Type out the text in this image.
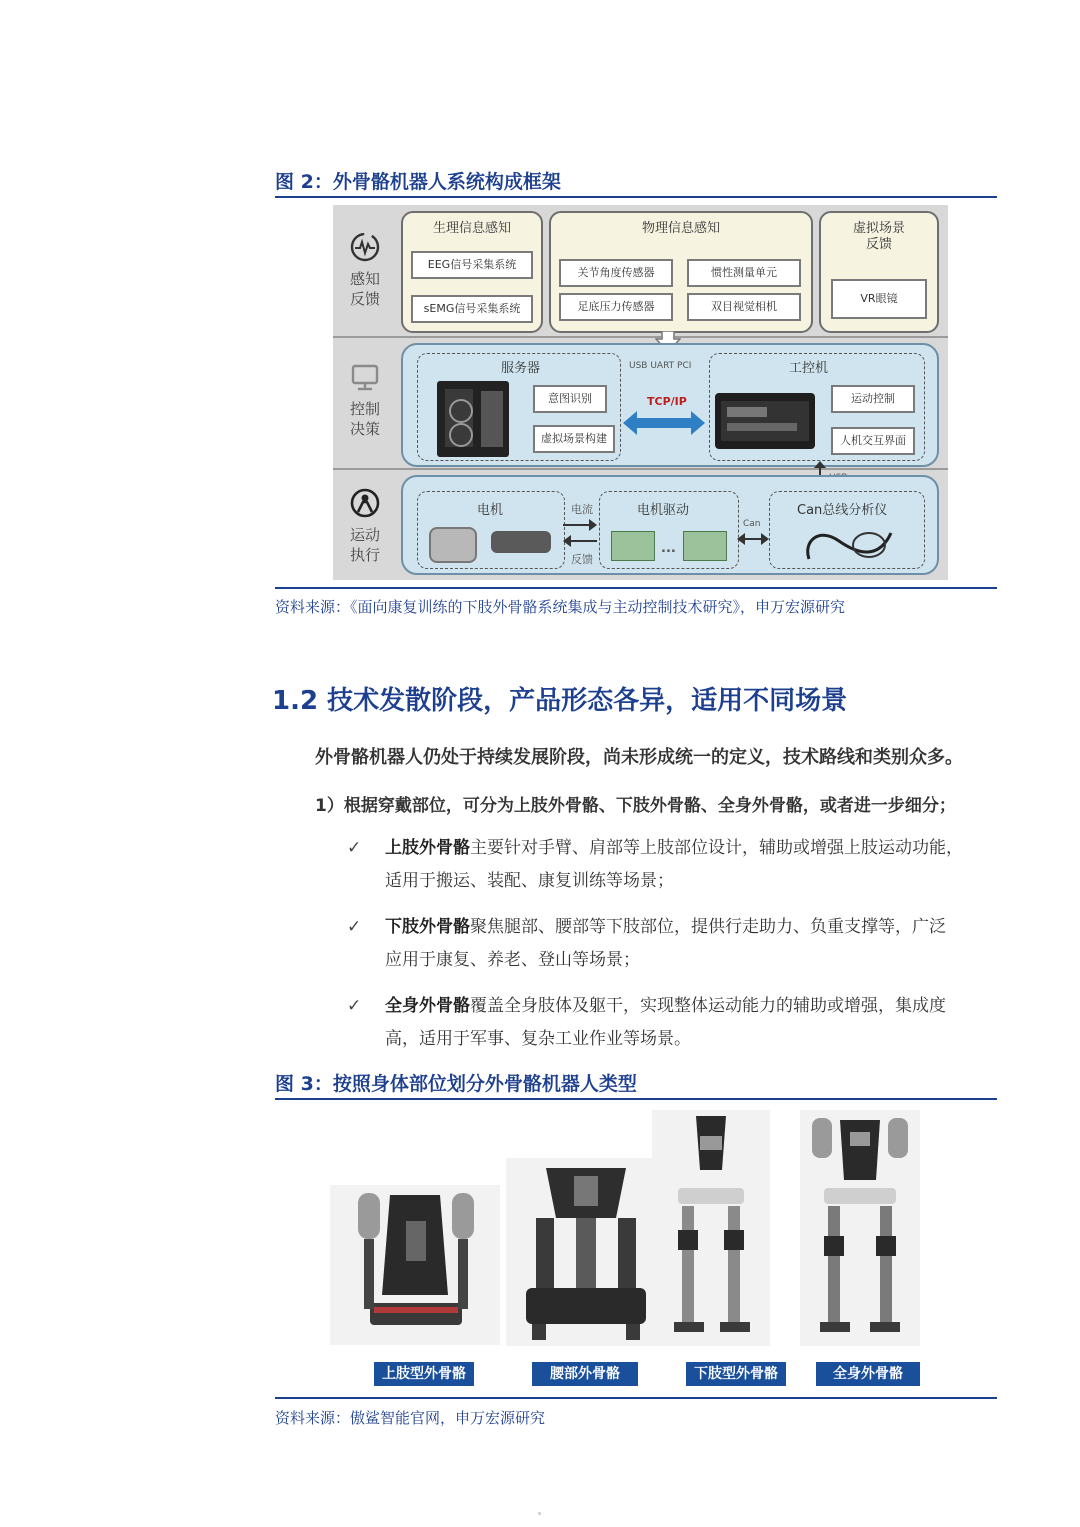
图 2：外骨骼机器人系统构成框架
感知
反馈
生理信息感知
EEG信号采集系统
sEMG信号采集系统
物理信息感知
关节角度传感器	惯性测量单元
足底压力传感器	双目视觉相机
虚拟场景
反馈
VR眼镜
控制
决策
服务器
意图识别
虚拟场景构建
USB UART PCI
TCP/IP
工控机
运动控制
人机交互界面
运动
执行
电机	电流
反馈
电机驱动
...
Can
Can总线分析仪
资料来源：《面向康复训练的下肢外骨骼系统集成与主动控制技术研究》，申万宏源研究
1.2 技术发散阶段，产品形态各异，适用不同场景
外骨骼机器人仍处于持续发展阶段，尚未形成统一的定义，技术路线和类别众多。
1）根据穿戴部位，可分为上肢外骨骼、下肢外骨骼、全身外骨骼，或者进一步细分；
✓ 上肢外骨骼主要针对手臂、肩部等上肢部位设计，辅助或增强上肢运动功能，
适用于搬运、装配、康复训练等场景；
✓ 下肢外骨骼聚焦腿部、腰部等下肢部位，提供行走助力、负重支撑等，广泛
应用于康复、养老、登山等场景；
✓ 全身外骨骼覆盖全身肢体及躯干，实现整体运动能力的辅助或增强，集成度
高，适用于军事、复杂工业作业等场景。
图 3：按照身体部位划分外骨骼机器人类型
上肢型外骨骼	腰部外骨骼	下肢型外骨骼	全身外骨骼
资料来源：傲鲨智能官网，申万宏源研究
